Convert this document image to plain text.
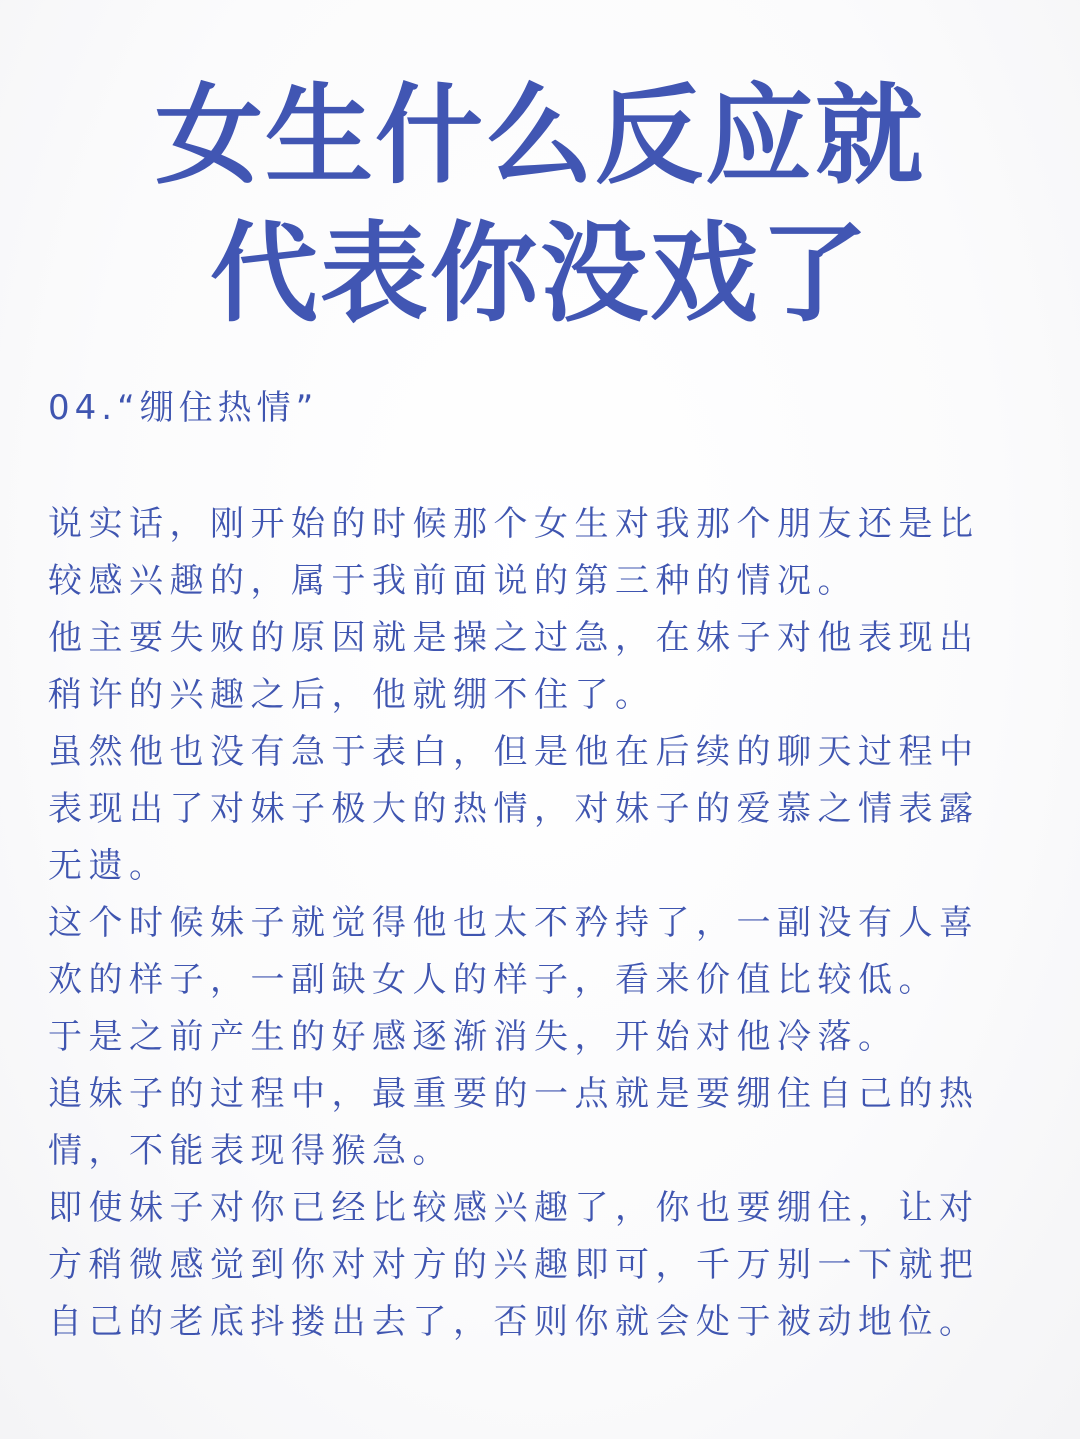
女生什么反应就
代表你没戏了
04.“绷住热情”

说实话，刚开始的时候那个女生对我那个朋友还是比较感兴趣的，属于我前面说的第三种的情况。

他主要失败的原因就是操之过急，在妹子对他表现出稍许的兴趣之后，他就绷不住了。

虽然他也没有急于表白，但是他在后续的聊天过程中表现出了对妹子极大的热情，对妹子的爱慕之情表露无遗。

这个时候妹子就觉得他也太不矜持了，一副没有人喜欢的样子，一副缺女人的样子，看来价值比较低。

于是之前产生的好感逐渐消失，开始对他冷落。

追妹子的过程中，最重要的一点就是要绷住自己的热情，不能表现得猴急。

即使妹子对你已经比较感兴趣了，你也要绷住，让对方稍微感觉到你对对方的兴趣即可，千万别一下就把自己的老底抖搂出去了，否则你就会处于被动地位。
